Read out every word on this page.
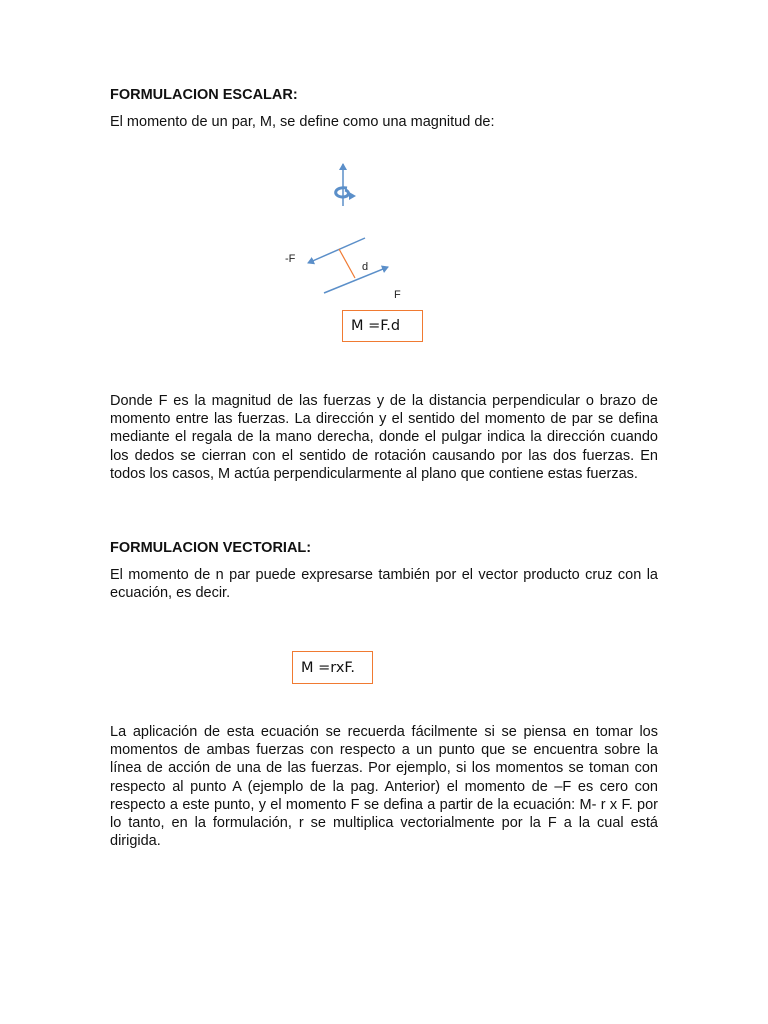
FORMULACION ESCALAR:

El momento de un par, M, se define como una magnitud de:

-F
d
F
M =F.d

Donde F es la magnitud de las fuerzas y de la distancia perpendicular o brazo de momento entre las fuerzas. La dirección y el sentido del momento de par se defina mediante el regala de la mano derecha, donde el pulgar indica la dirección cuando los dedos se cierran con el sentido de rotación causando por las dos fuerzas. En todos los casos, M actúa perpendicularmente al plano que contiene estas fuerzas.

FORMULACION VECTORIAL:

El momento de n par puede expresarse también por el vector producto cruz con la ecuación, es decir.

M =rxF.

La aplicación de esta ecuación se recuerda fácilmente si se piensa en tomar los momentos de ambas fuerzas con respecto a un punto que se encuentra sobre la línea de acción de una de las fuerzas. Por ejemplo, si los momentos se toman con respecto al punto A (ejemplo de la pag. Anterior) el momento de –F es cero con respecto a este punto, y el momento F se defina a partir de la ecuación: M- r x F. por lo tanto, en la formulación, r se multiplica vectorialmente por la F a la cual está dirigida.
